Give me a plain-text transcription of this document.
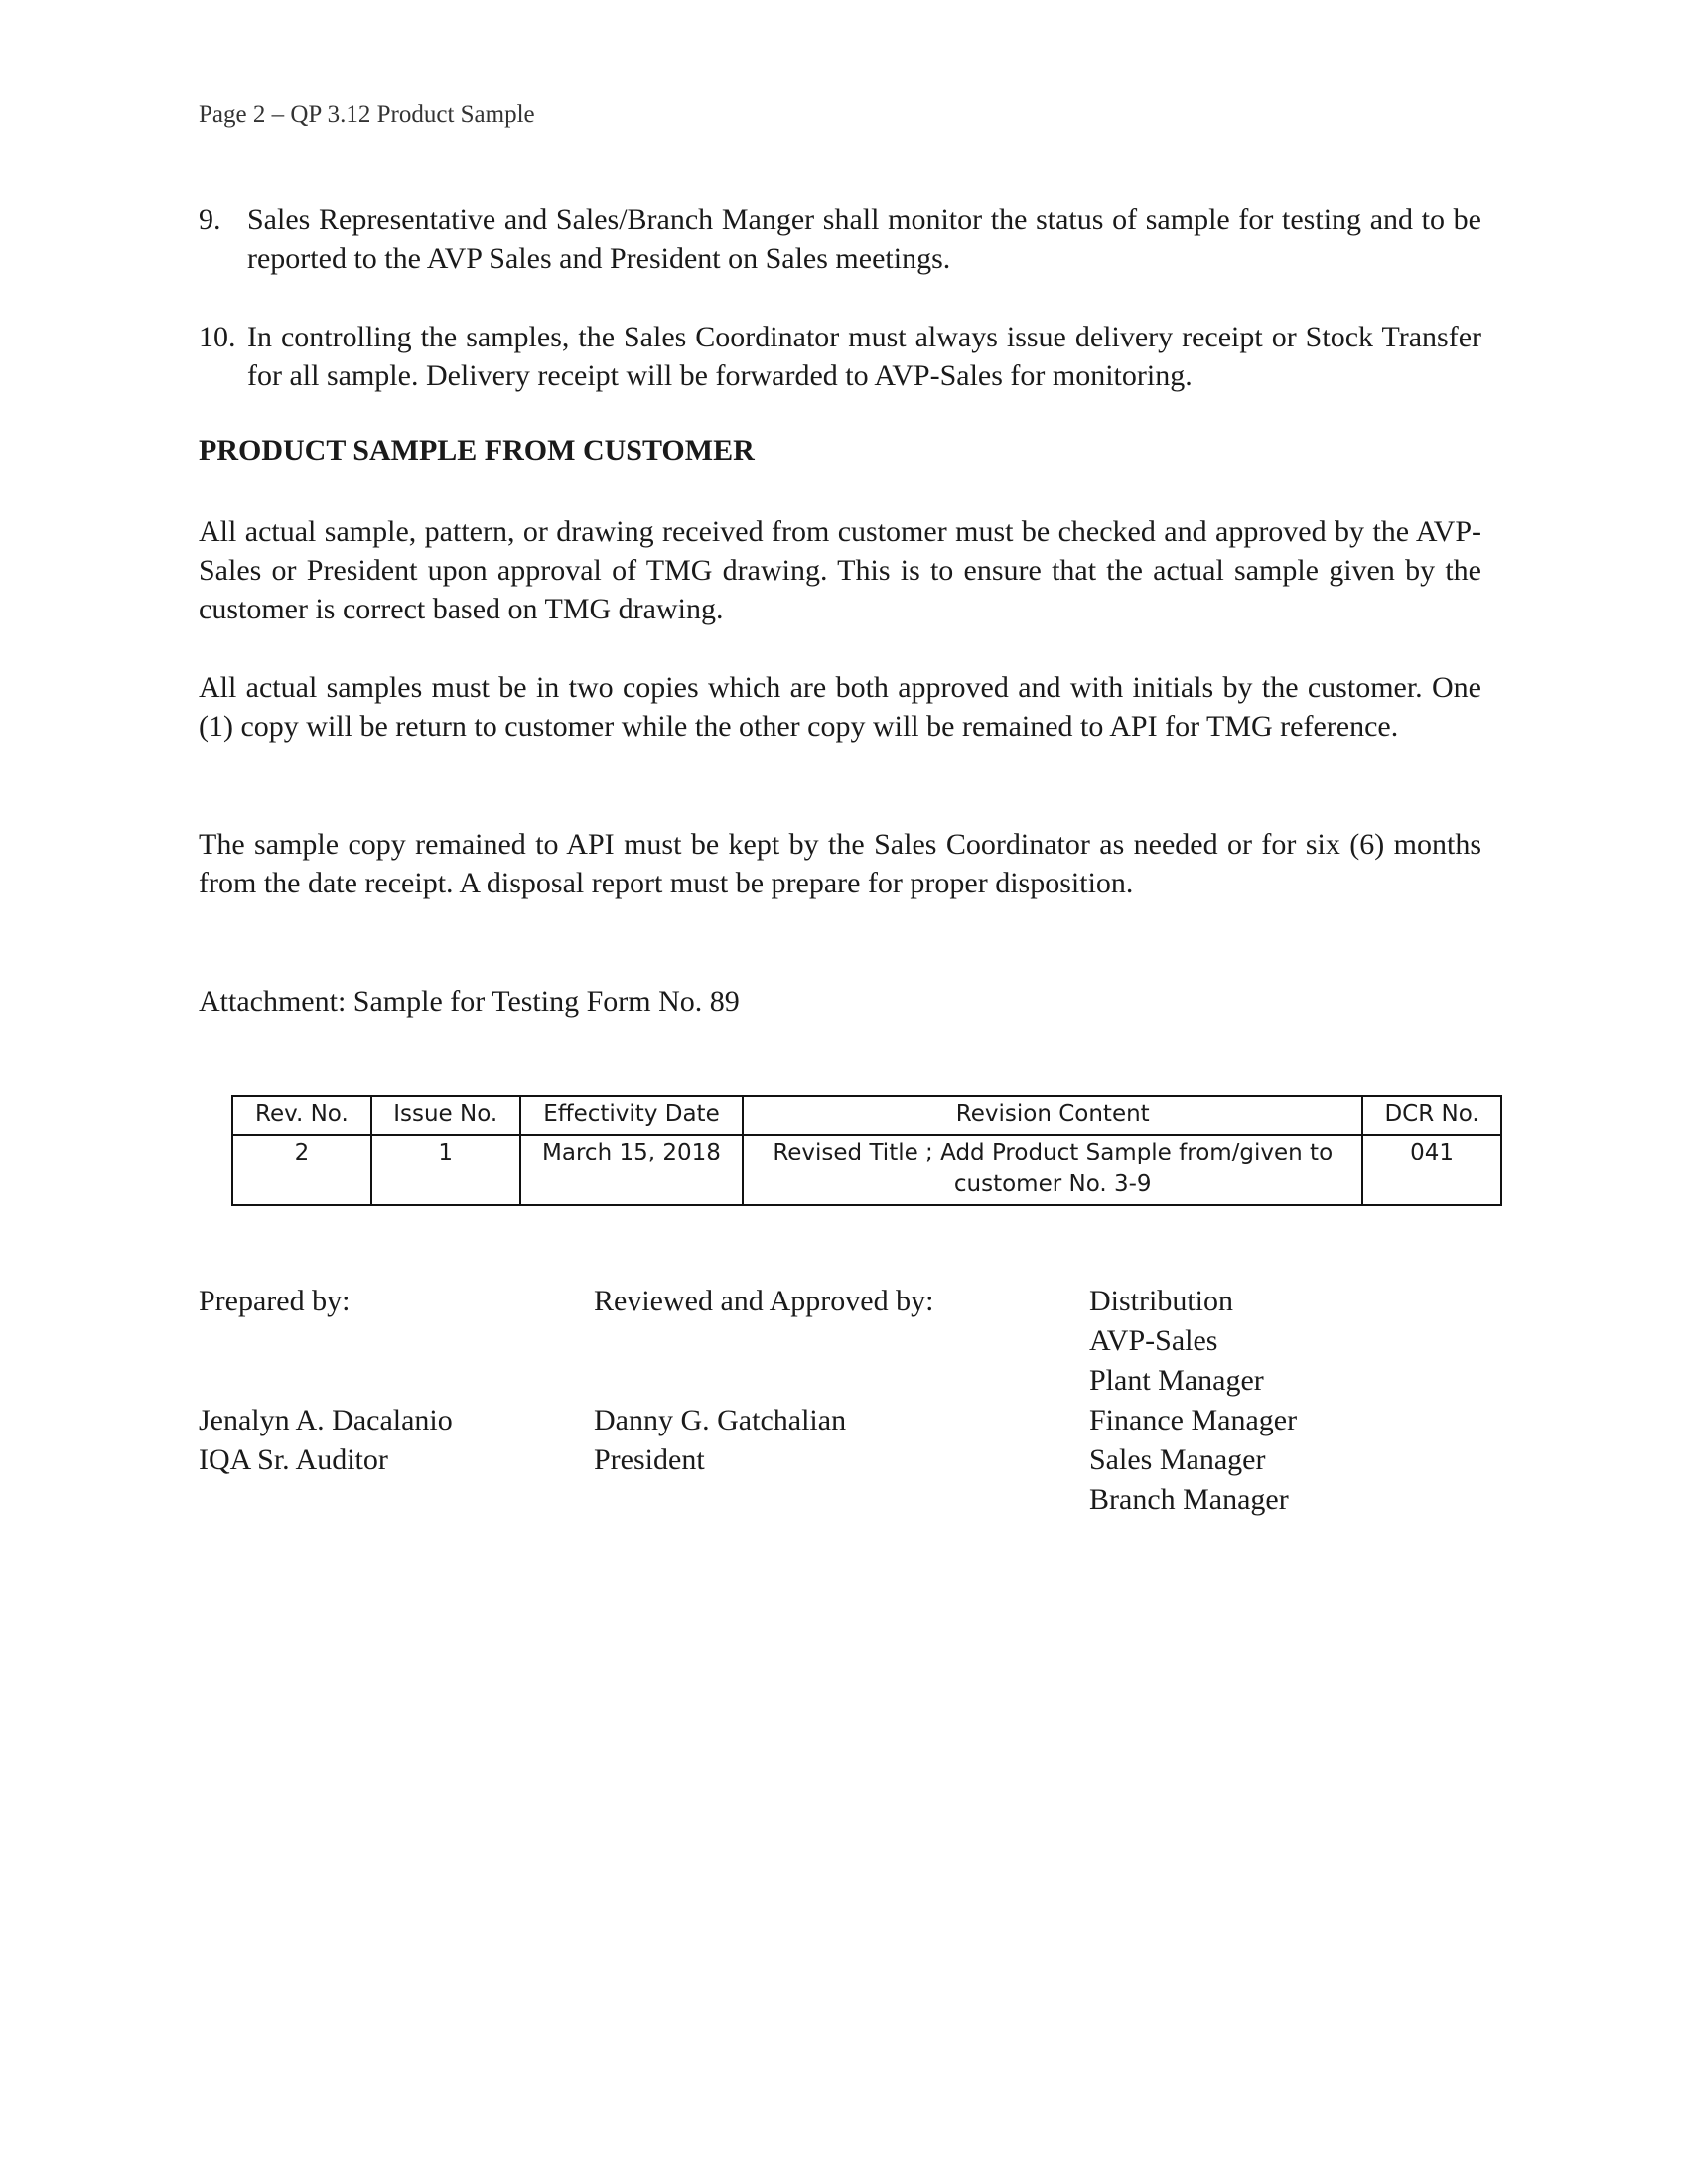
Page 2 – QP 3.12 Product Sample
9. Sales Representative and Sales/Branch Manger shall monitor the status of sample for testing and to be reported to the AVP Sales and President on Sales meetings.
10. In controlling the samples, the Sales Coordinator must always issue delivery receipt or Stock Transfer for all sample. Delivery receipt will be forwarded to AVP-Sales for monitoring.
PRODUCT SAMPLE FROM CUSTOMER
All actual sample, pattern, or drawing received from customer must be checked and approved by the AVP-Sales or President upon approval of TMG drawing. This is to ensure that the actual sample given by the customer is correct based on TMG drawing.
All actual samples must be in two copies which are both approved and with initials by the customer. One (1) copy will be return to customer while the other copy will be remained to API for TMG reference.
The sample copy remained to API must be kept by the Sales Coordinator as needed or for six (6) months from the date receipt. A disposal report must be prepare for proper disposition.
Attachment: Sample for Testing Form No. 89
Rev. No.	Issue No.	Effectivity Date	Revision Content	DCR No.
2	1	March 15, 2018	Revised Title ; Add Product Sample from/given to customer No. 3-9	041
Prepared by:
Jenalyn A. Dacalanio
IQA Sr. Auditor
Reviewed and Approved by:
Danny G. Gatchalian
President
Distribution
AVP-Sales
Plant Manager
Finance Manager
Sales Manager
Branch Manager
